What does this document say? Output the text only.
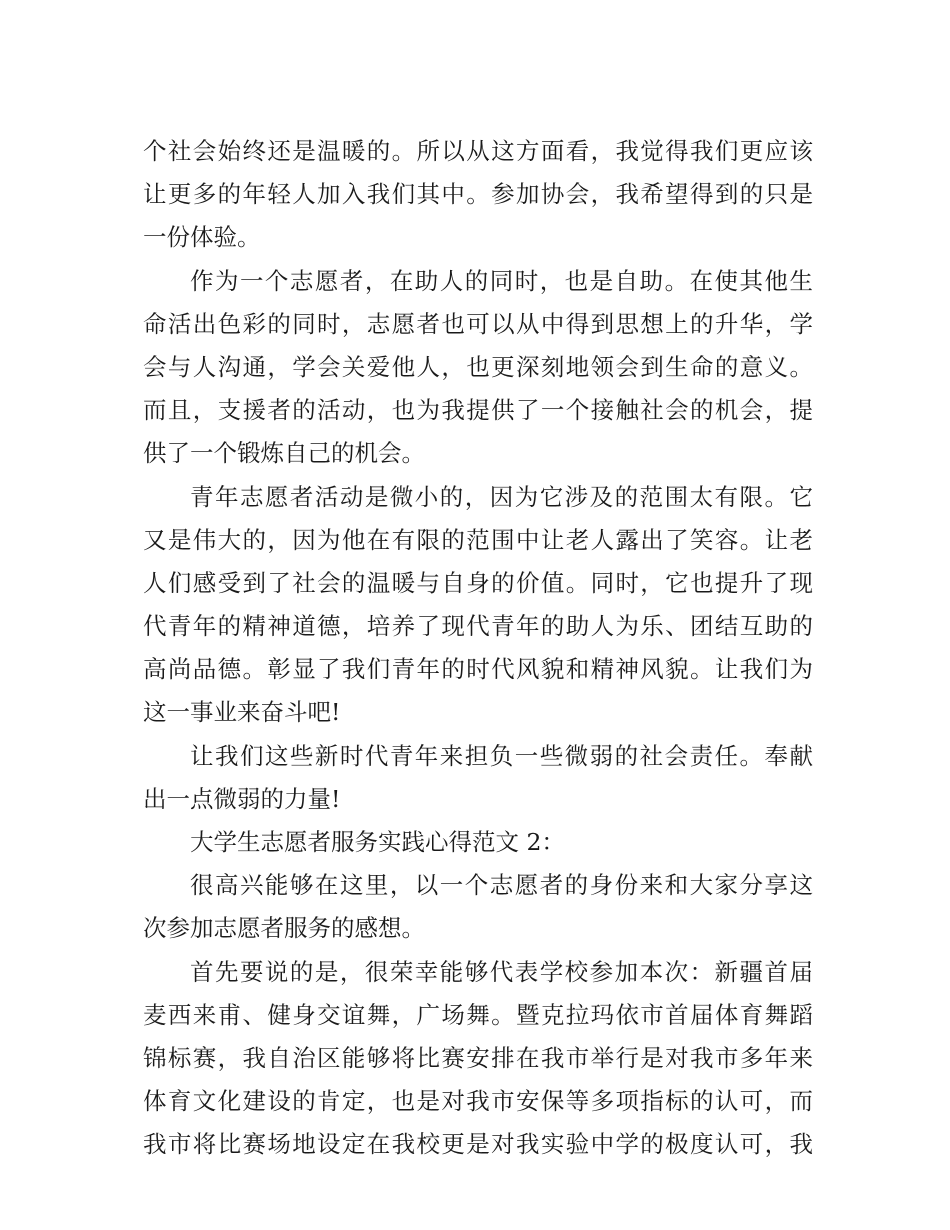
个社会始终还是温暖的。所以从这方面看，我觉得我们更应该
让更多的年轻人加入我们其中。参加协会，我希望得到的只是
一份体验。
作为一个志愿者，在助人的同时，也是自助。在使其他生
命活出色彩的同时，志愿者也可以从中得到思想上的升华，学
会与人沟通，学会关爱他人，也更深刻地领会到生命的意义。
而且，支援者的活动，也为我提供了一个接触社会的机会，提
供了一个锻炼自己的机会。
青年志愿者活动是微小的，因为它涉及的范围太有限。它
又是伟大的，因为他在有限的范围中让老人露出了笑容。让老
人们感受到了社会的温暖与自身的价值。同时，它也提升了现
代青年的精神道德，培养了现代青年的助人为乐、团结互助的
高尚品德。彰显了我们青年的时代风貌和精神风貌。让我们为
这一事业来奋斗吧!
让我们这些新时代青年来担负一些微弱的社会责任。奉献
出一点微弱的力量!
大学生志愿者服务实践心得范文 2：
很高兴能够在这里，以一个志愿者的身份来和大家分享这
次参加志愿者服务的感想。
首先要说的是，很荣幸能够代表学校参加本次：新疆首届
麦西来甫、健身交谊舞，广场舞。暨克拉玛依市首届体育舞蹈
锦标赛，我自治区能够将比赛安排在我市举行是对我市多年来
体育文化建设的肯定，也是对我市安保等多项指标的认可，而
我市将比赛场地设定在我校更是对我实验中学的极度认可，我
